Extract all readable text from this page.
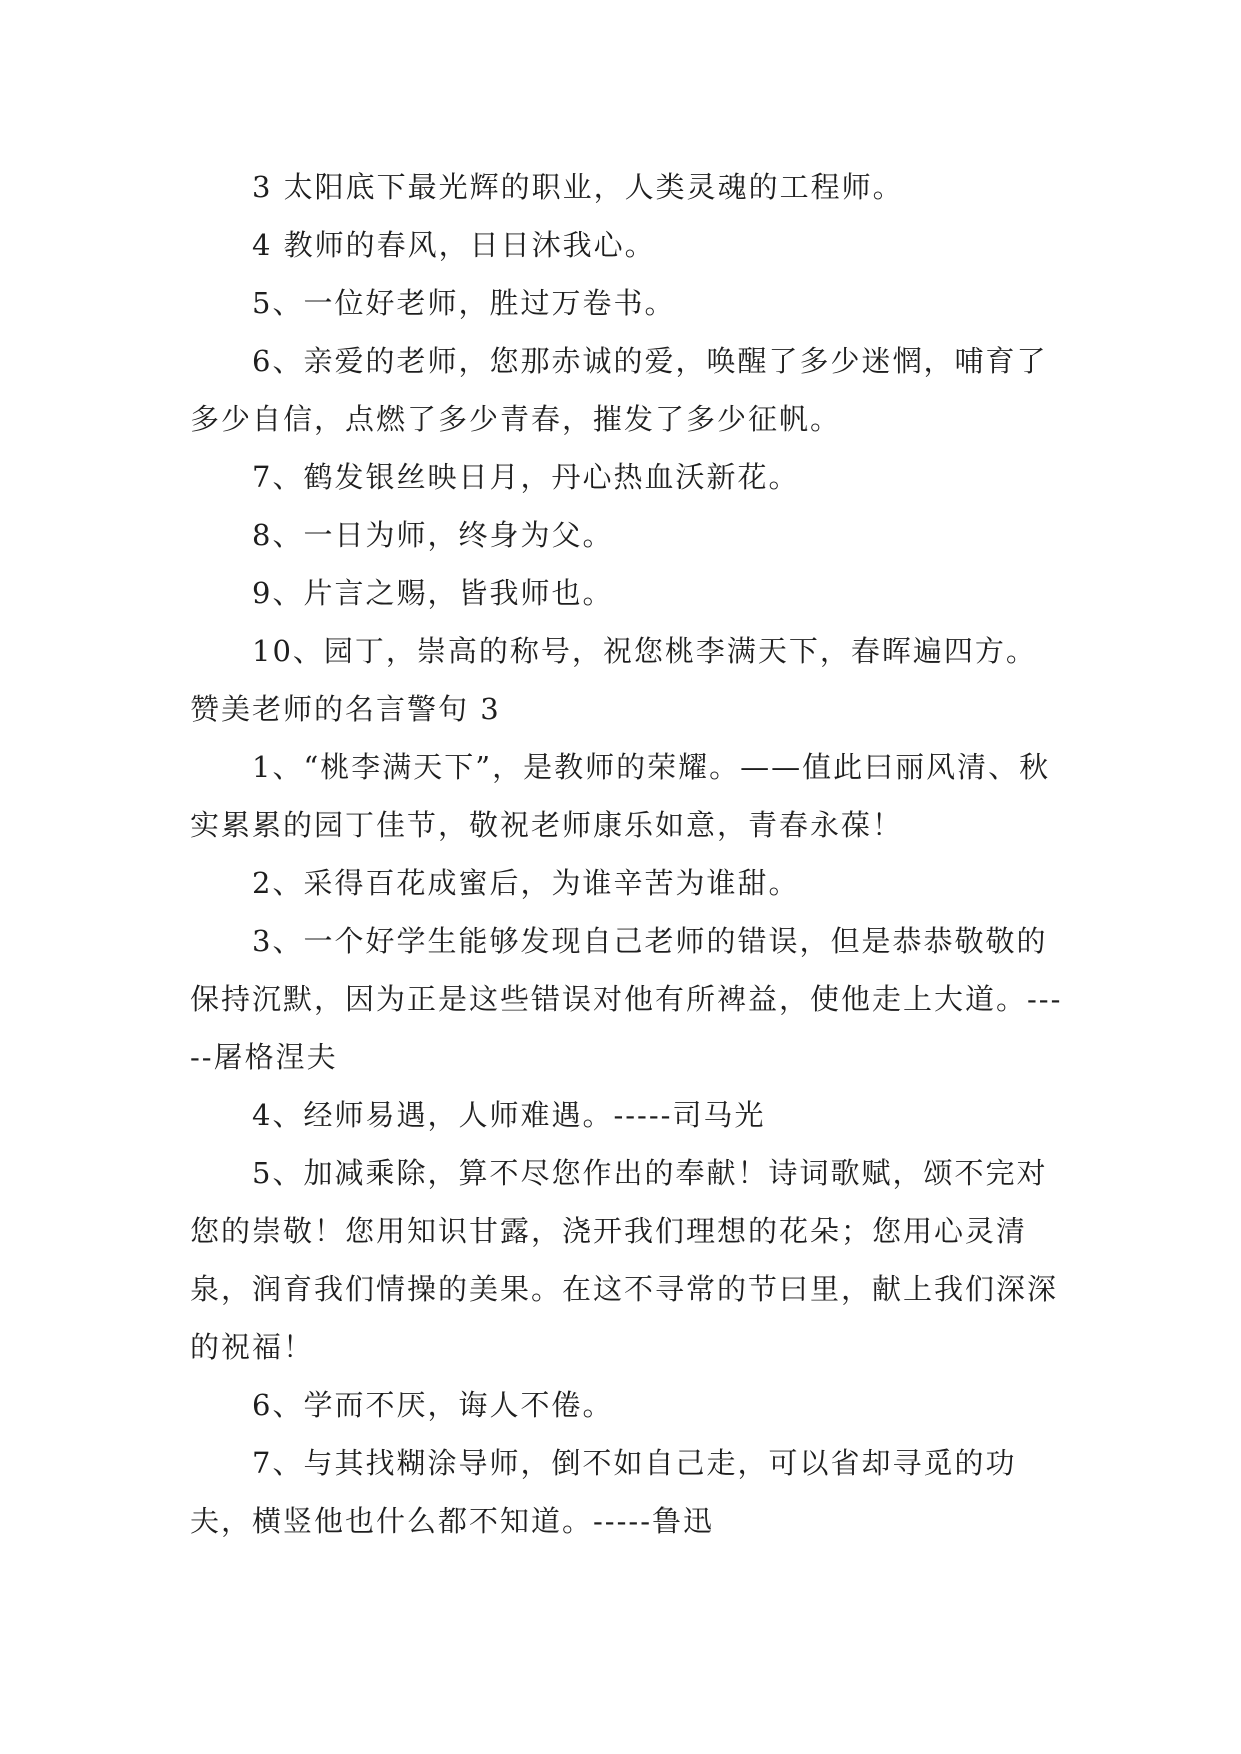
3 太阳底下最光辉的职业，人类灵魂的工程师。

4 教师的春风，日日沐我心。

5、一位好老师，胜过万卷书。

6、亲爱的老师，您那赤诚的爱，唤醒了多少迷惘，哺育了多少自信，点燃了多少青春，摧发了多少征帆。

7、鹤发银丝映日月，丹心热血沃新花。

8、一日为师，终身为父。

9、片言之赐，皆我师也。

10、园丁，崇高的称号，祝您桃李满天下，春晖遍四方。

赞美老师的名言警句 3

1、“桃李满天下”，是教师的荣耀。——值此曰丽风清、秋实累累的园丁佳节，敬祝老师康乐如意，青春永葆！

2、采得百花成蜜后，为谁辛苦为谁甜。

3、一个好学生能够发现自己老师的错误，但是恭恭敬敬的保持沉默，因为正是这些错误对他有所裨益，使他走上大道。-----屠格涅夫

4、经师易遇，人师难遇。-----司马光

5、加减乘除，算不尽您作出的奉献！诗词歌赋，颂不完对您的崇敬！您用知识甘露，浇开我们理想的花朵；您用心灵清泉，润育我们情操的美果。在这不寻常的节曰里，献上我们深深的祝福！

6、学而不厌，诲人不倦。

7、与其找糊涂导师，倒不如自己走，可以省却寻觅的功夫，横竖他也什么都不知道。-----鲁迅
